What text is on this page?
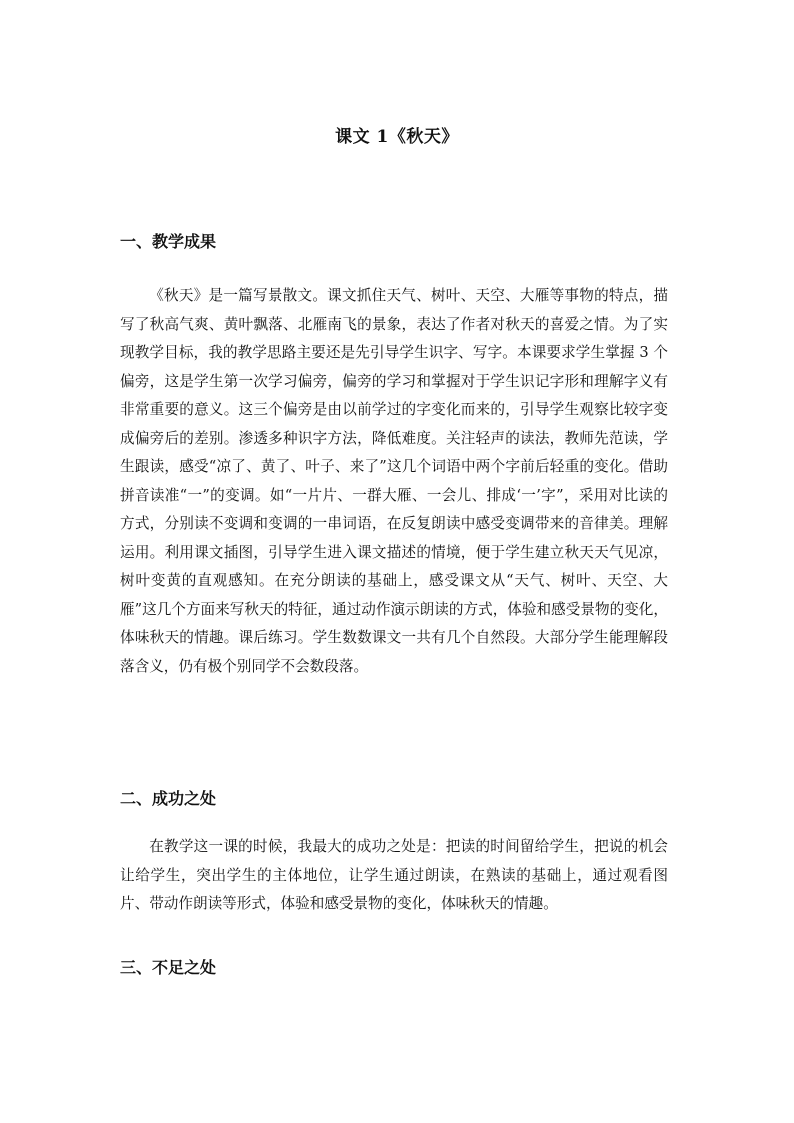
课文 1《秋天》
一、教学成果

《秋天》是一篇写景散文。课文抓住天气、树叶、天空、大雁等事物的特点，描写了秋高气爽、黄叶飘落、北雁南飞的景象，表达了作者对秋天的喜爱之情。为了实现教学目标，我的教学思路主要还是先引导学生识字、写字。本课要求学生掌握 3 个偏旁，这是学生第一次学习偏旁，偏旁的学习和掌握对于学生识记字形和理解字义有非常重要的意义。这三个偏旁是由以前学过的字变化而来的，引导学生观察比较字变成偏旁后的差别。渗透多种识字方法，降低难度。关注轻声的读法，教师先范读，学生跟读，感受“凉了、黄了、叶子、来了”这几个词语中两个字前后轻重的变化。借助拼音读准“一”的变调。如“一片片、一群大雁、一会儿、排成‘一’字”，采用对比读的方式，分别读不变调和变调的一串词语，在反复朗读中感受变调带来的音律美。理解运用。利用课文插图，引导学生进入课文描述的情境，便于学生建立秋天天气见凉，树叶变黄的直观感知。在充分朗读的基础上，感受课文从“天气、树叶、天空、大雁”这几个方面来写秋天的特征，通过动作演示朗读的方式，体验和感受景物的变化，体味秋天的情趣。课后练习。学生数数课文一共有几个自然段。大部分学生能理解段落含义，仍有极个别同学不会数段落。

二、成功之处

在教学这一课的时候，我最大的成功之处是：把读的时间留给学生，把说的机会让给学生，突出学生的主体地位，让学生通过朗读，在熟读的基础上，通过观看图片、带动作朗读等形式，体验和感受景物的变化，体味秋天的情趣。

三、不足之处
